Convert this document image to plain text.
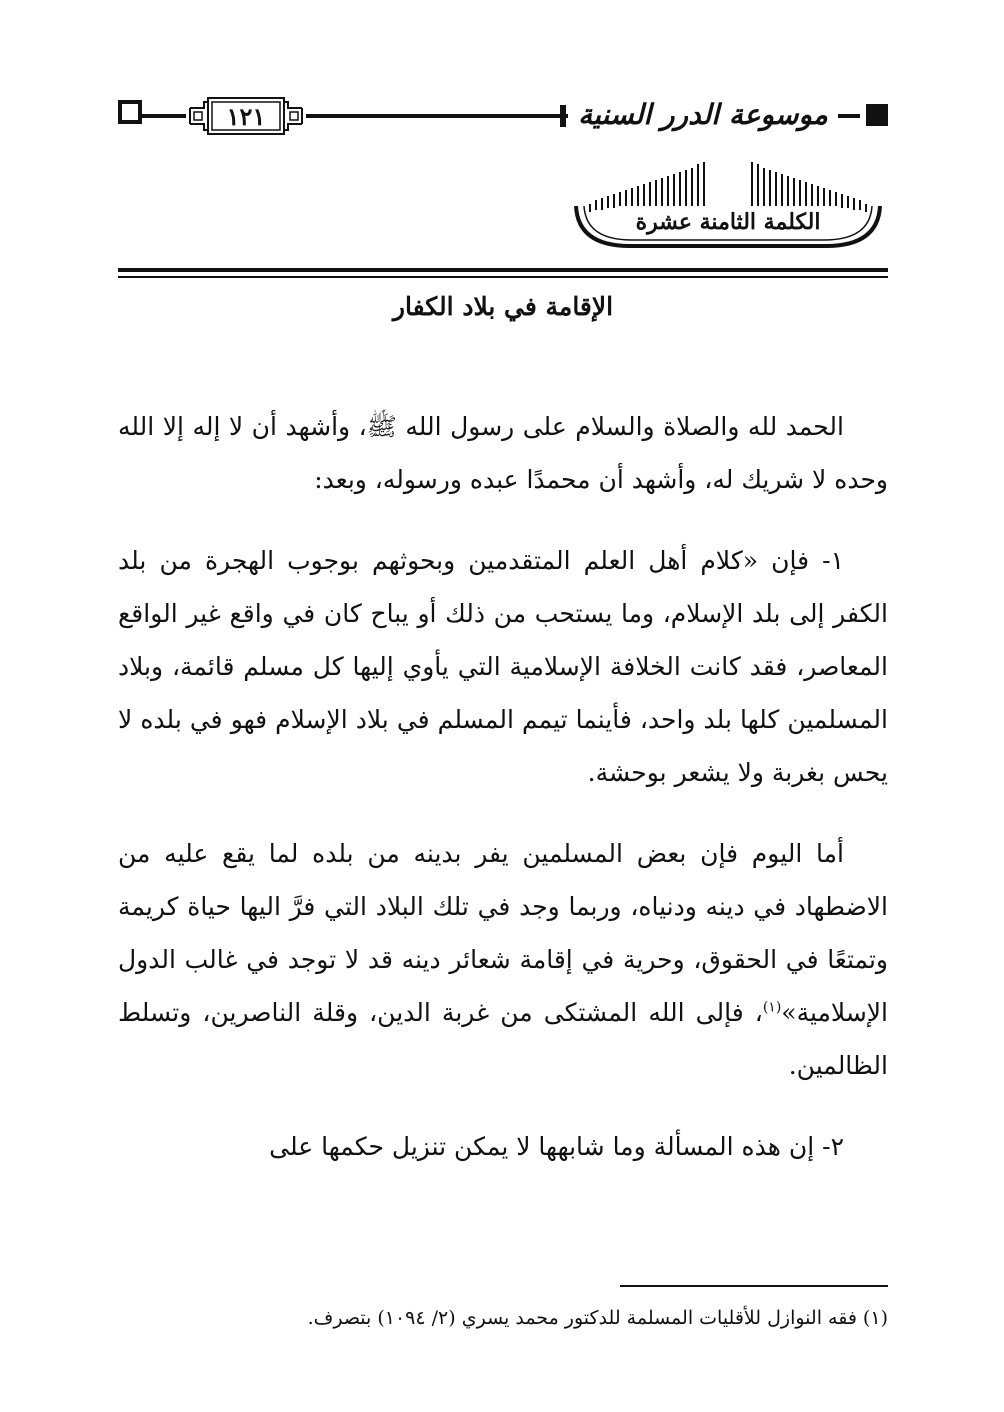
موسوعة الدرر السنية
١٢١
الكلمة الثامنة عشرة
الإقامة في بلاد الكفار

الحمد لله والصلاة والسلام على رسول الله ﷺ، وأشهد أن لا إله إلا الله وحده لا شريك له، وأشهد أن محمدًا عبده ورسوله، وبعد:

١- فإن «كلام أهل العلم المتقدمين وبحوثهم بوجوب الهجرة من بلد الكفر إلى بلد الإسلام، وما يستحب من ذلك أو يباح كان في واقع غير الواقع المعاصر، فقد كانت الخلافة الإسلامية التي يأوي إليها كل مسلم قائمة، وبلاد المسلمين كلها بلد واحد، فأينما تيمم المسلم في بلاد الإسلام فهو في بلده لا يحس بغربة ولا يشعر بوحشة.

أما اليوم فإن بعض المسلمين يفر بدينه من بلده لما يقع عليه من الاضطهاد في دينه ودنياه، وربما وجد في تلك البلاد التي فرَّ اليها حياة كريمة وتمتعًا في الحقوق، وحرية في إقامة شعائر دينه قد لا توجد في غالب الدول الإسلامية»$^{(١)}$، فإلى الله المشتكى من غربة الدين، وقلة الناصرين، وتسلط الظالمين.

٢- إن هذه المسألة وما شابهها لا يمكن تنزيل حكمها على

(١) فقه النوازل للأقليات المسلمة للدكتور محمد يسري (٢/ ١٠٩٤) بتصرف.
